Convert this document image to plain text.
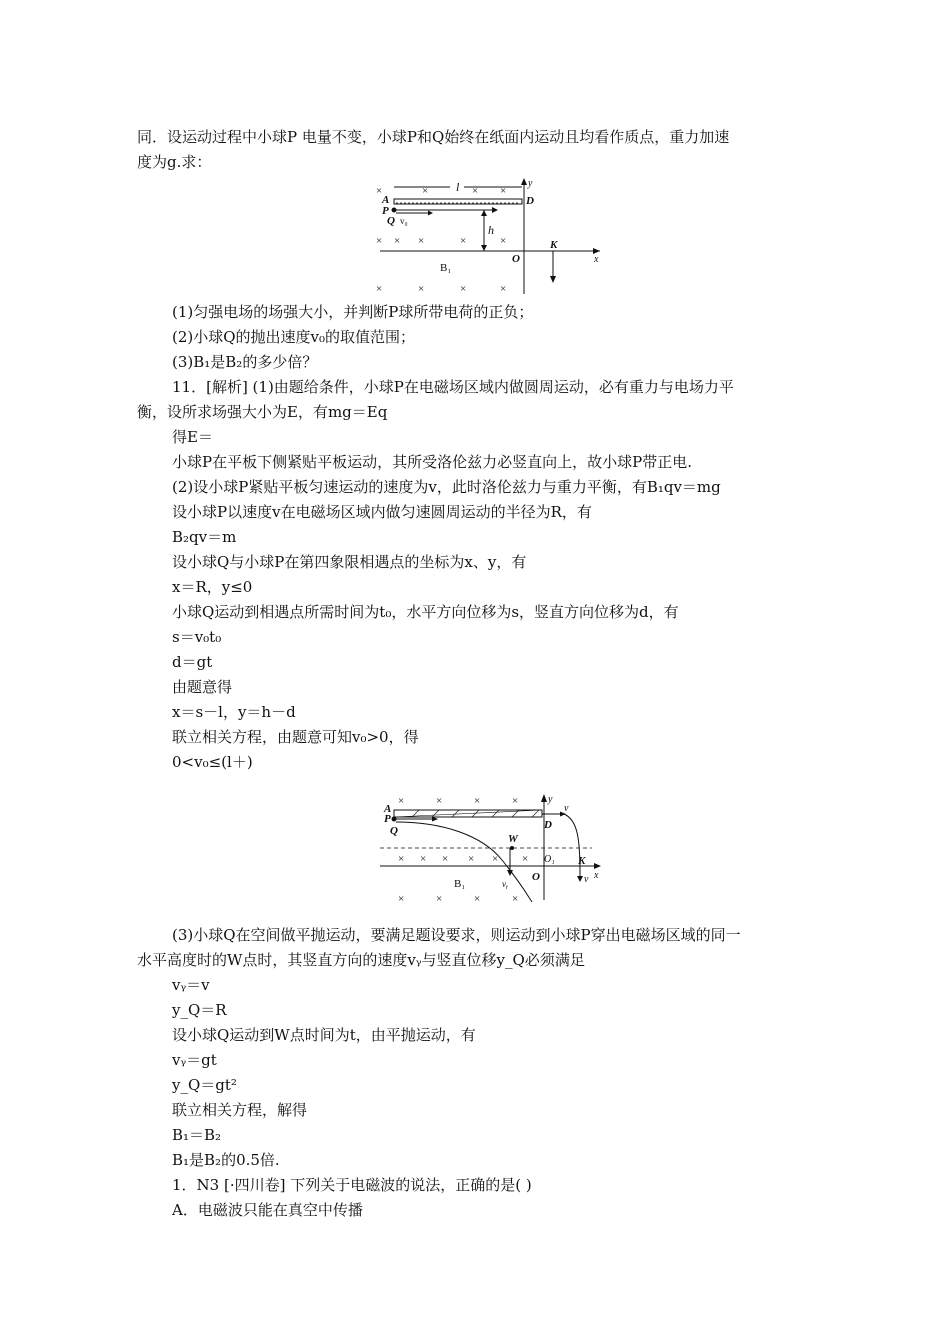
同．设运动过程中小球P 电量不变，小球P和Q始终在纸面内运动且均看作质点，重力加速
度为g.求：
×	×	× ×
l
A
P
Q v₀
h
D
y
x
O
K
× × ×	×	×
B₁
×	×	×	×
(1)匀强电场的场强大小，并判断P球所带电荷的正负；
(2)小球Q的抛出速度v₀的取值范围；
(3)B₁是B₂的多少倍？
11．[解析] (1)由题给条件，小球P在电磁场区域内做圆周运动，必有重力与电场力平
衡，设所求场强大小为E，有mg＝Eq
得E＝
小球P在平板下侧紧贴平板运动，其所受洛伦兹力必竖直向上，故小球P带正电.
(2)设小球P紧贴平板匀速运动的速度为v，此时洛伦兹力与重力平衡，有B₁qv＝mg
设小球P以速度v在电磁场区域内做匀速圆周运动的半径为R，有
B₂qv＝m
设小球Q与小球P在第四象限相遇点的坐标为x、y，有
x＝R，y≤0
小球Q运动到相遇点所需时间为t₀，水平方向位移为s，竖直方向位移为d，有
s＝v₀t₀
d＝gt
由题意得
x＝s－l，y＝h－d
联立相关方程，由题意可知v₀>0，得
0<v₀≤(l＋)
×	×	×	×
A
P
Q
v
y
D
W
vᵧ
x
O₁
O
K
v
× × × × × ×
B₁
×	×	×	×
(3)小球Q在空间做平抛运动，要满足题设要求，则运动到小球P穿出电磁场区域的同一
水平高度时的W点时，其竖直方向的速度vᵧ与竖直位移y_Q必须满足
vᵧ＝v
y_Q＝R
设小球Q运动到W点时间为t，由平抛运动，有
vᵧ＝gt
y_Q＝gt²
联立相关方程，解得
B₁＝B₂
B₁是B₂的0.5倍.
1．N3 [·四川卷] 下列关于电磁波的说法，正确的是( )
A．电磁波只能在真空中传播
